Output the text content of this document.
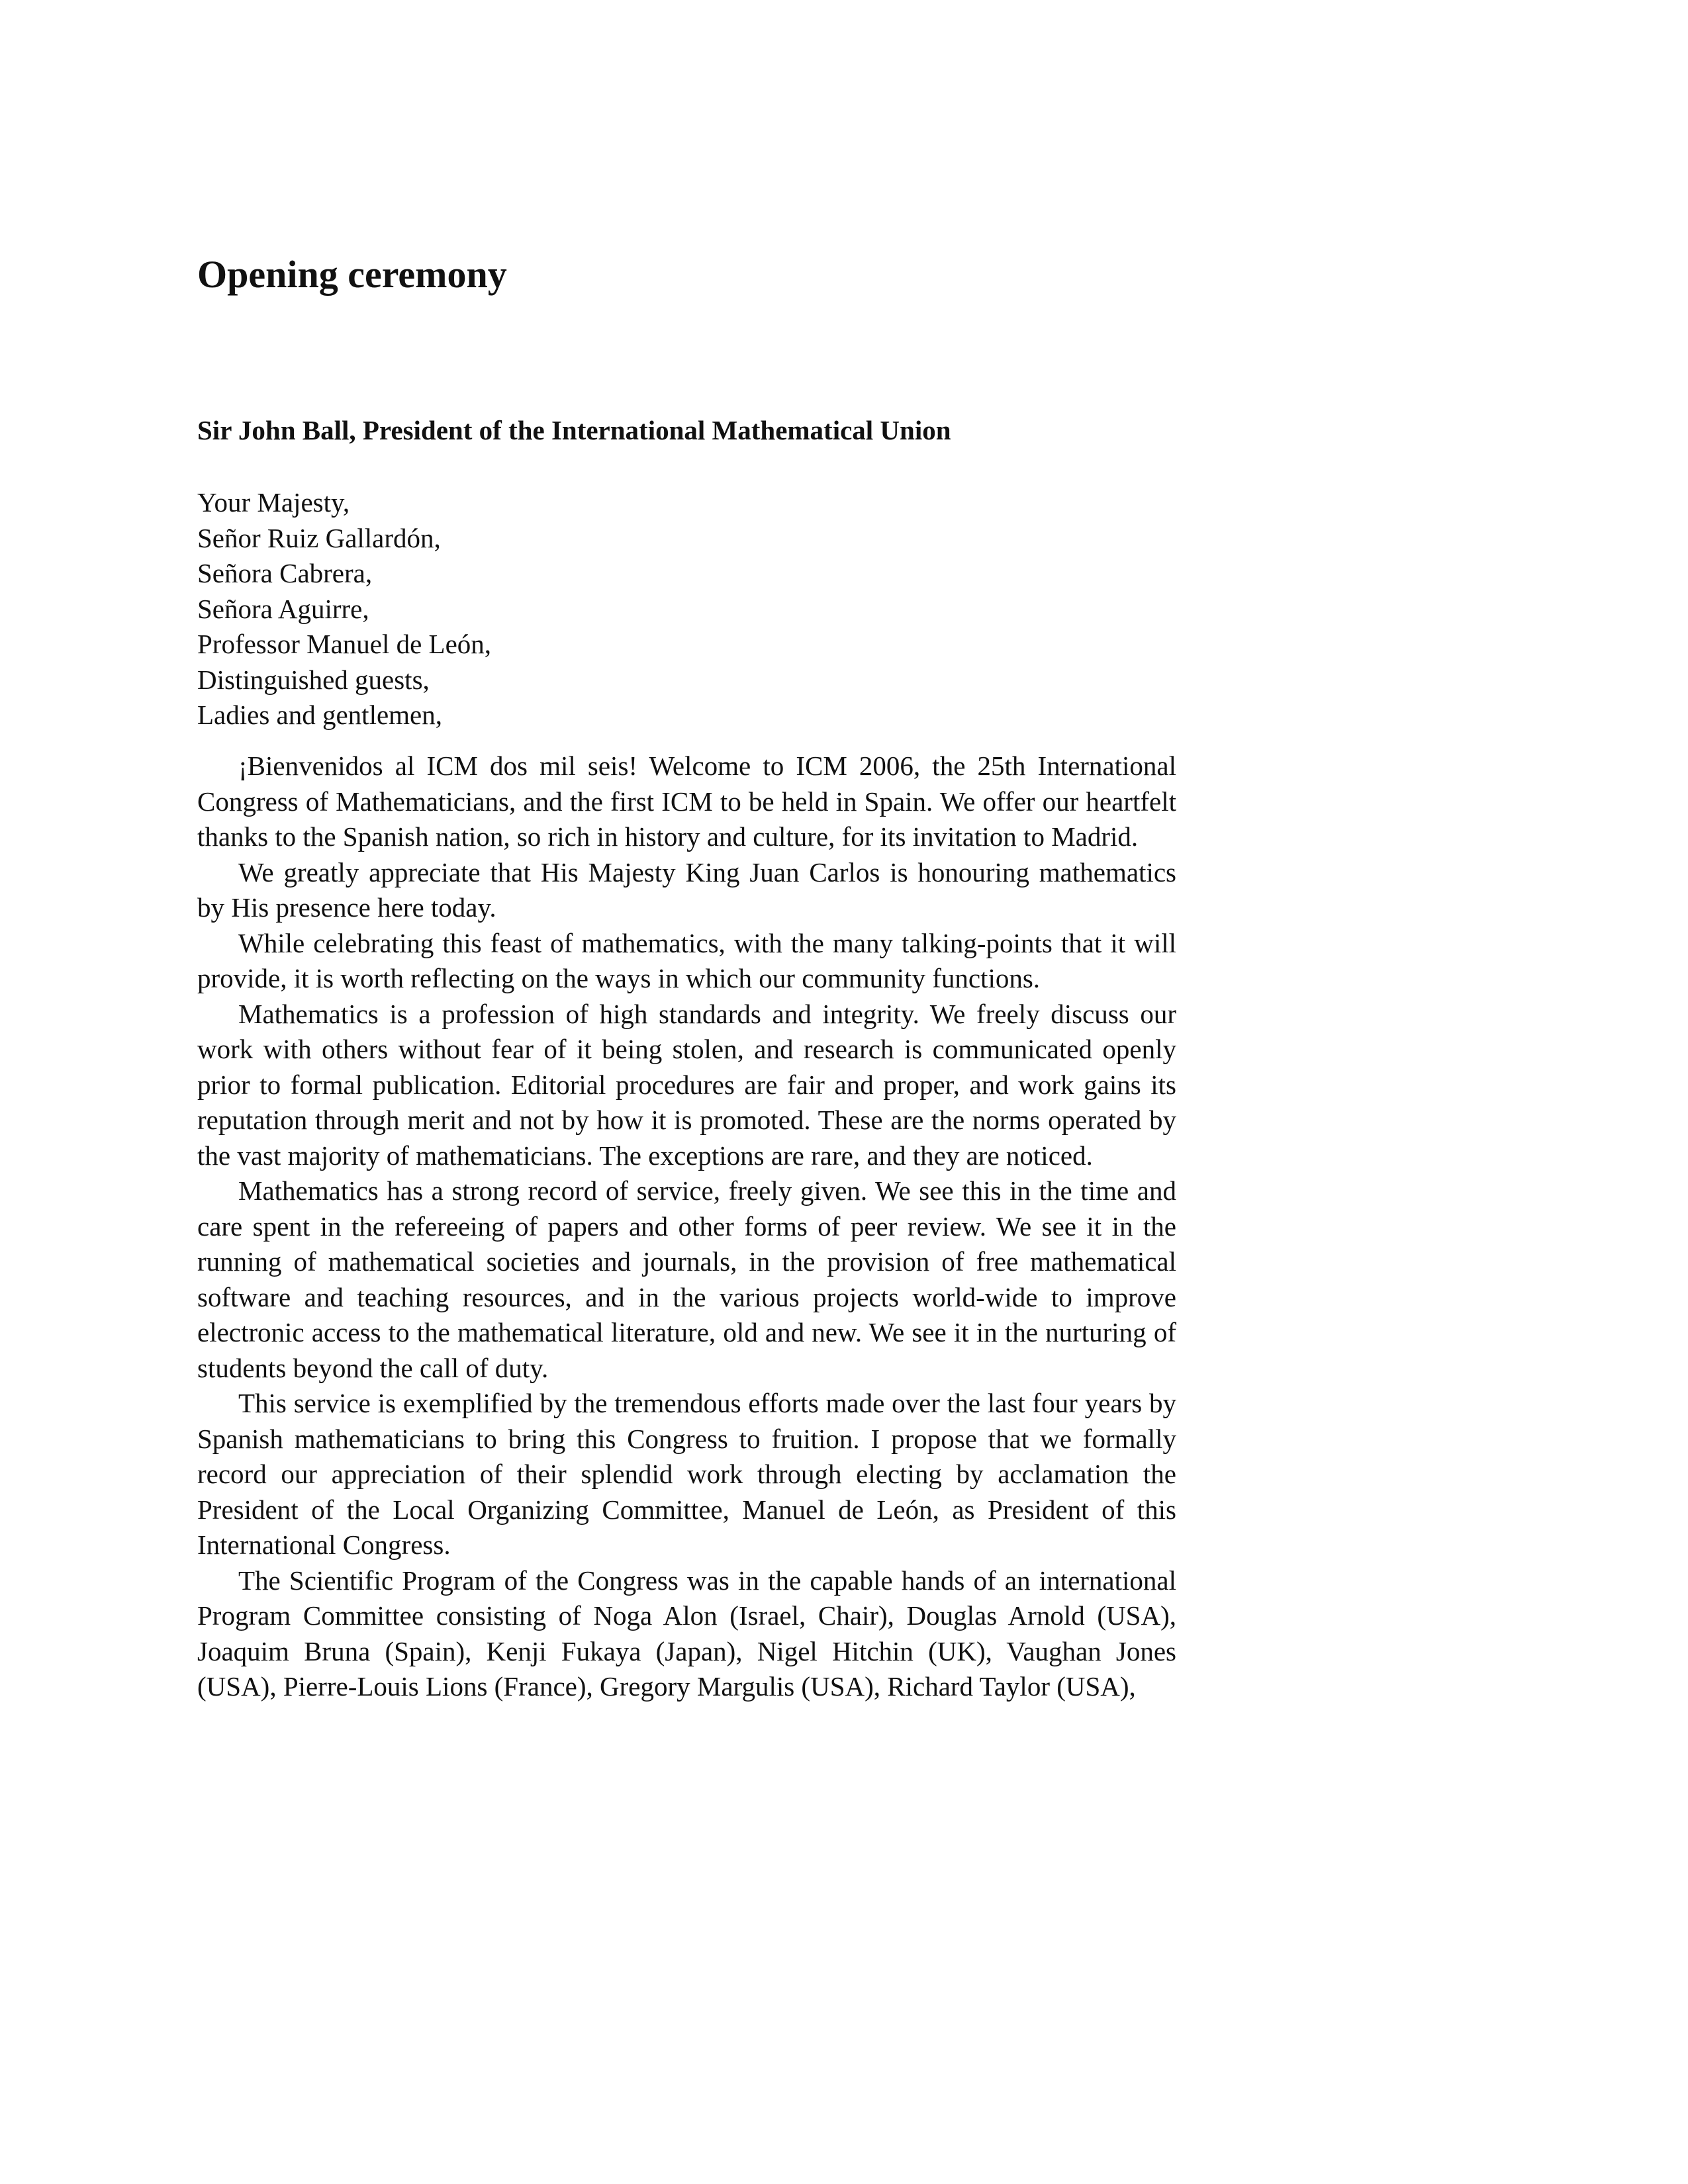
Opening ceremony
Sir John Ball, President of the International Mathematical Union
Your Majesty,
Señor Ruiz Gallardón,
Señora Cabrera,
Señora Aguirre,
Professor Manuel de León,
Distinguished guests,
Ladies and gentlemen,

¡Bienvenidos al ICM dos mil seis! Welcome to ICM 2006, the 25th International Congress of Mathematicians, and the first ICM to be held in Spain. We offer our heartfelt thanks to the Spanish nation, so rich in history and culture, for its invitation to Madrid.

We greatly appreciate that His Majesty King Juan Carlos is honouring mathematics by His presence here today.

While celebrating this feast of mathematics, with the many talking-points that it will provide, it is worth reflecting on the ways in which our community functions.

Mathematics is a profession of high standards and integrity. We freely discuss our work with others without fear of it being stolen, and research is communicated openly prior to formal publication. Editorial procedures are fair and proper, and work gains its reputation through merit and not by how it is promoted. These are the norms operated by the vast majority of mathematicians. The exceptions are rare, and they are noticed.

Mathematics has a strong record of service, freely given. We see this in the time and care spent in the refereeing of papers and other forms of peer review. We see it in the running of mathematical societies and journals, in the provision of free mathematical software and teaching resources, and in the various projects world-wide to improve electronic access to the mathematical literature, old and new. We see it in the nurturing of students beyond the call of duty.

This service is exemplified by the tremendous efforts made over the last four years by Spanish mathematicians to bring this Congress to fruition. I propose that we formally record our appreciation of their splendid work through electing by acclamation the President of the Local Organizing Committee, Manuel de León, as President of this International Congress.

The Scientific Program of the Congress was in the capable hands of an international Program Committee consisting of Noga Alon (Israel, Chair), Douglas Arnold (USA), Joaquim Bruna (Spain), Kenji Fukaya (Japan), Nigel Hitchin (UK), Vaughan Jones (USA), Pierre-Louis Lions (France), Gregory Margulis (USA), Richard Taylor (USA),
